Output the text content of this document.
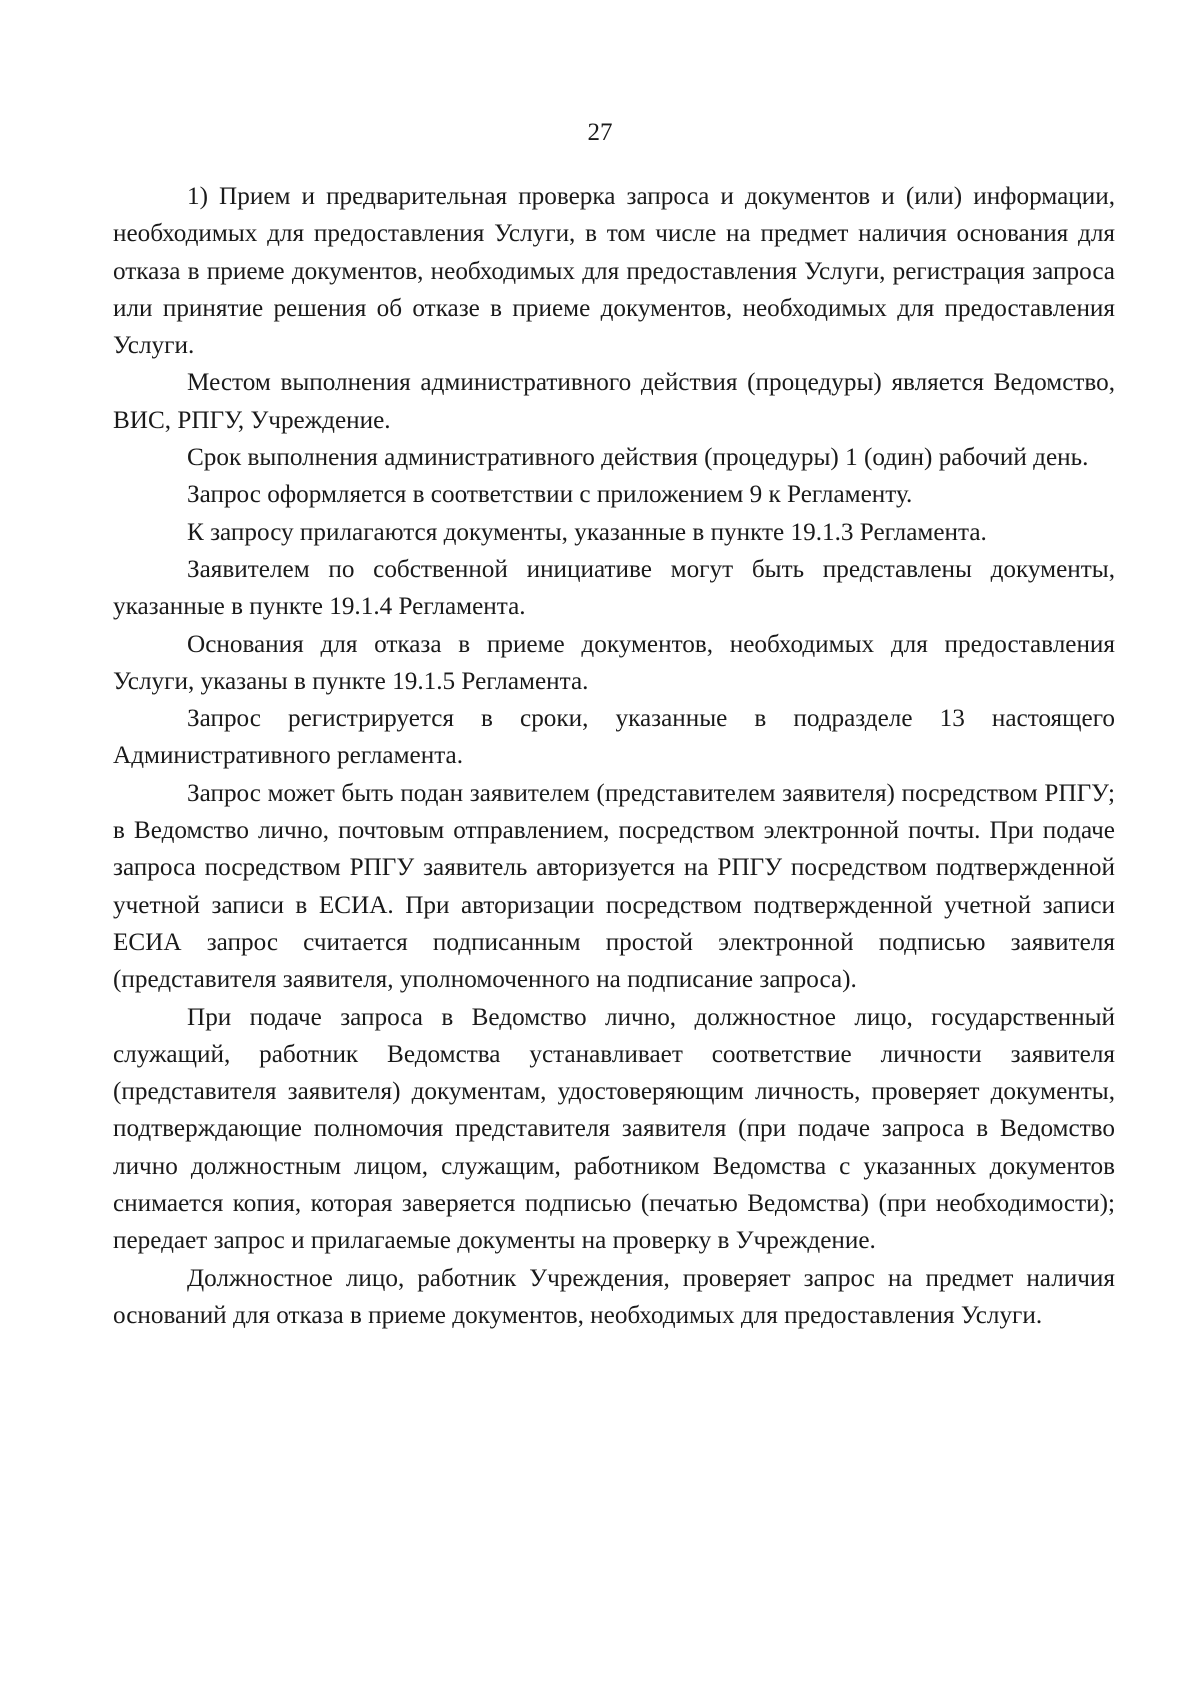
27

1) Прием и предварительная проверка запроса и документов и (или) информации, необходимых для предоставления Услуги, в том числе на предмет наличия основания для отказа в приеме документов, необходимых для предоставления Услуги, регистрация запроса или принятие решения об отказе в приеме документов, необходимых для предоставления Услуги.

Местом выполнения административного действия (процедуры) является Ведомство, ВИС, РПГУ, Учреждение.

Срок выполнения административного действия (процедуры) 1 (один) рабочий день.

Запрос оформляется в соответствии с приложением 9 к Регламенту.

К запросу прилагаются документы, указанные в пункте 19.1.3 Регламента.

Заявителем по собственной инициативе могут быть представлены документы, указанные в пункте 19.1.4 Регламента.

Основания для отказа в приеме документов, необходимых для предоставления Услуги, указаны в пункте 19.1.5 Регламента.

Запрос регистрируется в сроки, указанные в подразделе 13 настоящего Административного регламента.

Запрос может быть подан заявителем (представителем заявителя) посредством РПГУ; в Ведомство лично, почтовым отправлением, посредством электронной почты. При подаче запроса посредством РПГУ заявитель авторизуется на РПГУ посредством подтвержденной учетной записи в ЕСИА. При авторизации посредством подтвержденной учетной записи ЕСИА запрос считается подписанным простой электронной подписью заявителя (представителя заявителя, уполномоченного на подписание запроса).

При подаче запроса в Ведомство лично, должностное лицо, государственный служащий, работник Ведомства устанавливает соответствие личности заявителя (представителя заявителя) документам, удостоверяющим личность, проверяет документы, подтверждающие полномочия представителя заявителя (при подаче запроса в Ведомство лично должностным лицом, служащим, работником Ведомства с указанных документов снимается копия, которая заверяется подписью (печатью Ведомства) (при необходимости); передает запрос и прилагаемые документы на проверку в Учреждение.

Должностное лицо, работник Учреждения, проверяет запрос на предмет наличия оснований для отказа в приеме документов, необходимых для предоставления Услуги.
